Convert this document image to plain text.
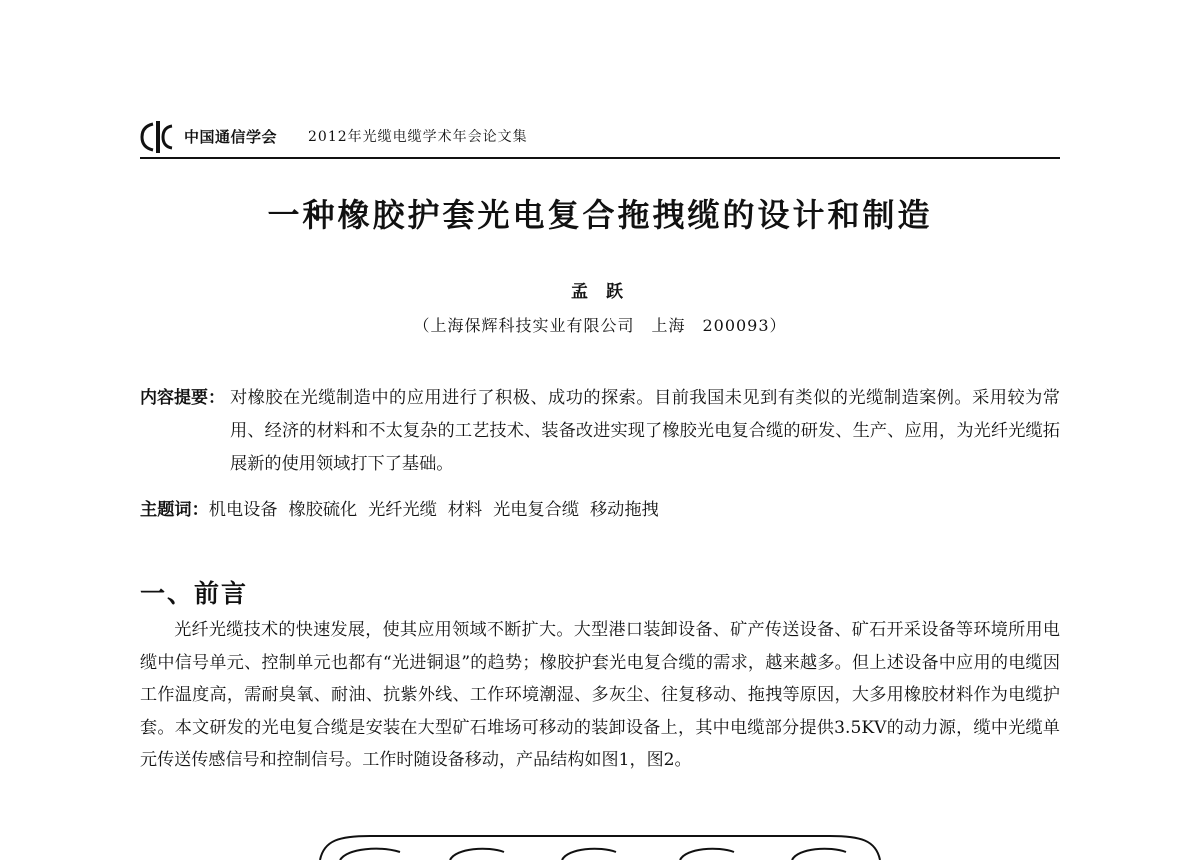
中国通信学会 2012年光缆电缆学术年会论文集
一种橡胶护套光电复合拖拽缆的设计和制造
孟 跃
（上海保辉科技实业有限公司　上海　200093）
内容提要： 对橡胶在光缆制造中的应用进行了积极、成功的探索。目前我国未见到有类似的光缆制造案例。采用较为常用、经济的材料和不太复杂的工艺技术、装备改进实现了橡胶光电复合缆的研发、生产、应用，为光纤光缆拓展新的使用领域打下了基础。
主题词：机电设备  橡胶硫化  光纤光缆  材料  光电复合缆  移动拖拽
一、前言
光纤光缆技术的快速发展，使其应用领域不断扩大。大型港口装卸设备、矿产传送设备、矿石开采设备等环境所用电缆中信号单元、控制单元也都有“光进铜退”的趋势；橡胶护套光电复合缆的需求，越来越多。但上述设备中应用的电缆因工作温度高，需耐臭氧、耐油、抗紫外线、工作环境潮湿、多灰尘、往复移动、拖拽等原因，大多用橡胶材料作为电缆护套。本文研发的光电复合缆是安装在大型矿石堆场可移动的装卸设备上，其中电缆部分提供3.5KV的动力源，缆中光缆单元传送传感信号和控制信号。工作时随设备移动，产品结构如图1，图2。
